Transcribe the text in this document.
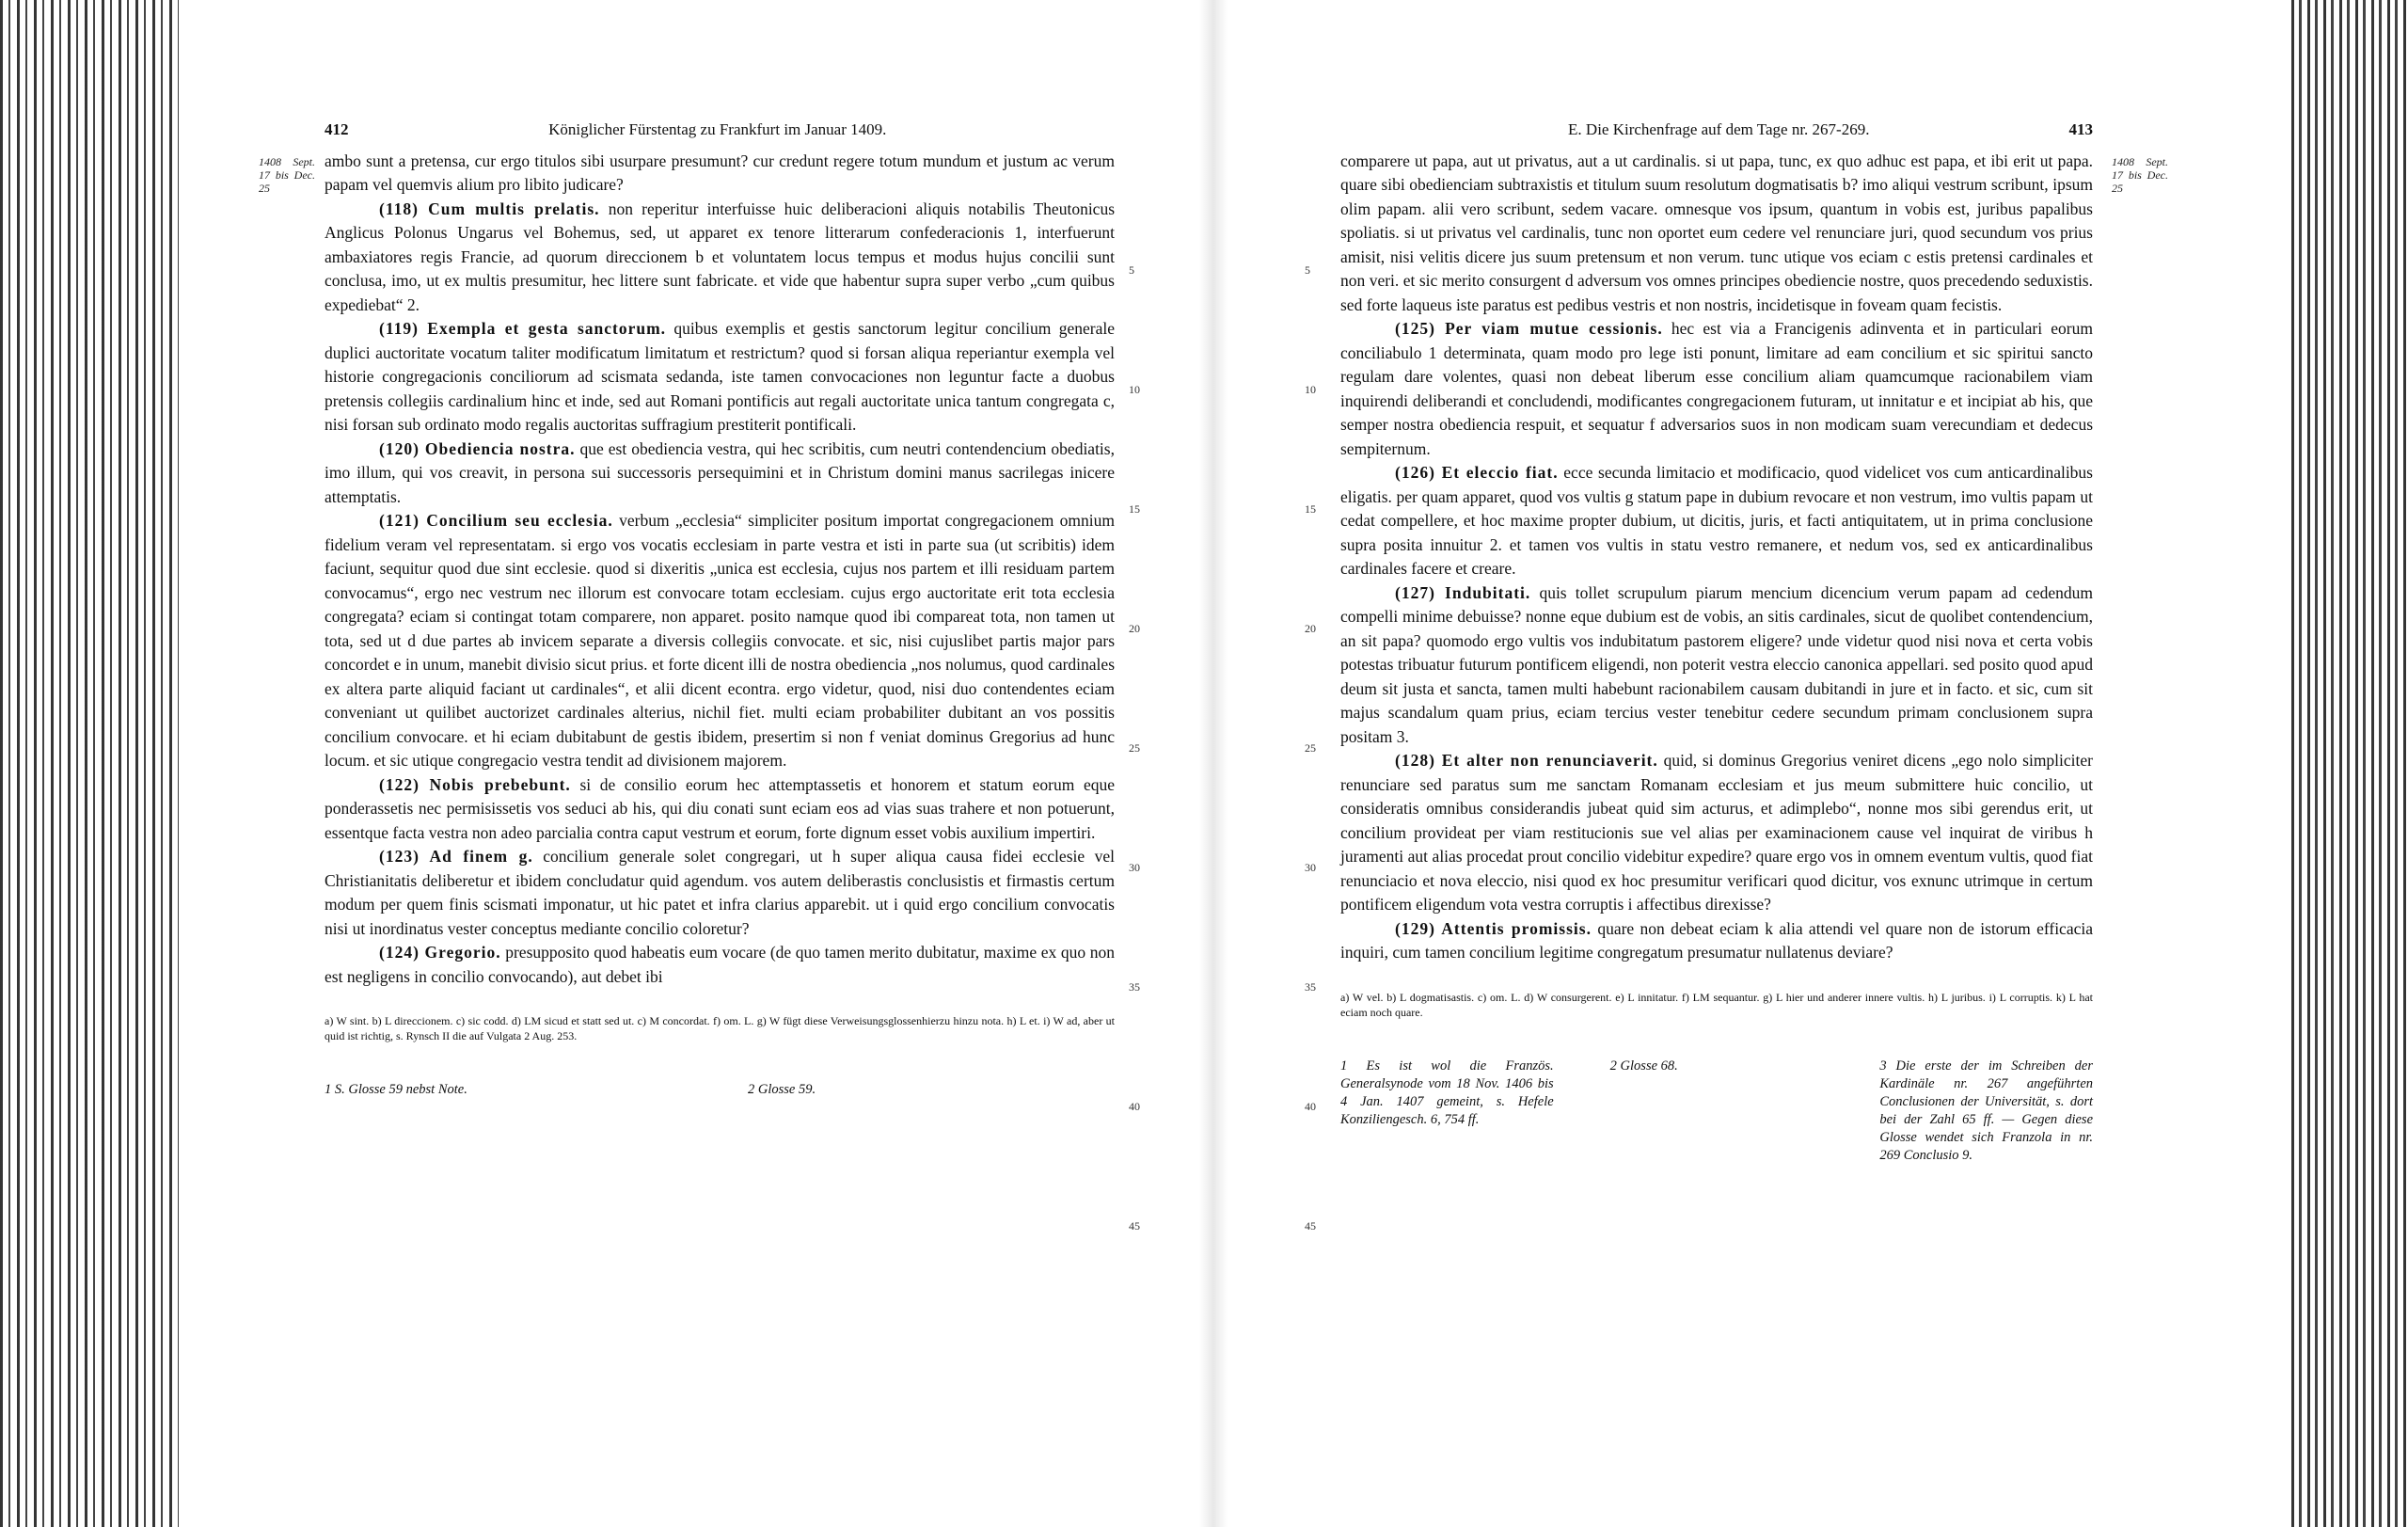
412	Königlicher Fürstentag zu Frankfurt im Januar 1409.
1408 Sept. 17 bis Dec. 25

ambo sunt a pretensa, cur ergo titulos sibi usurpare presumunt? cur credunt regere totum mundum et justum ac verum papam vel quemvis alium pro libito judicare?

(118) Cum multis prelatis. non reperitur interfuisse huic deliberacioni aliquis notabilis Theutonicus Anglicus Polonus Ungarus vel Bohemus, sed, ut apparet ex tenore litterarum confederacionis 1, interfuerunt ambaxiatores regis Francie, ad quorum direccionem b et voluntatem locus tempus et modus hujus concilii sunt conclusa, imo, ut ex multis presumitur, hec littere sunt fabricate. et vide que habentur supra super verbo „cum quibus expediebat“ 2.

(119) Exempla et gesta sanctorum. quibus exemplis et gestis sanctorum legitur concilium generale duplici auctoritate vocatum taliter modificatum limitatum et restrictum? quod si forsan aliqua reperiantur exempla vel historie congregacionis conciliorum ad scismata sedanda, iste tamen convocaciones non leguntur facte a duobus pretensis collegiis cardinalium hinc et inde, sed aut Romani pontificis aut regali auctoritate unica tantum congregata c, nisi forsan sub ordinato modo regalis auctoritas suffragium prestiterit pontificali.

(120) Obediencia nostra. que est obediencia vestra, qui hec scribitis, cum neutri contendencium obediatis, imo illum, qui vos creavit, in persona sui successoris persequimini et in Christum domini manus sacrilegas inicere attemptatis.

(121) Concilium seu ecclesia. verbum „ecclesia“ simpliciter positum importat congregacionem omnium fidelium veram vel representatam. si ergo vos vocatis ecclesiam in parte vestra et isti in parte sua (ut scribitis) idem faciunt, sequitur quod due sint ecclesie. quod si dixeritis „unica est ecclesia, cujus nos partem et illi residuam partem convocamus“, ergo nec vestrum nec illorum est convocare totam ecclesiam. cujus ergo auctoritate erit tota ecclesia congregata? eciam si contingat totam comparere, non apparet. posito namque quod ibi compareat tota, non tamen ut tota, sed ut d due partes ab invicem separate a diversis collegiis convocate. et sic, nisi cujuslibet partis major pars concordet e in unum, manebit divisio sicut prius. et forte dicent illi de nostra obediencia „nos nolumus, quod cardinales ex altera parte aliquid faciant ut cardinales“, et alii dicent econtra. ergo videtur, quod, nisi duo contendentes eciam conveniant ut quilibet auctorizet cardinales alterius, nichil fiet. multi eciam probabiliter dubitant an vos possitis concilium convocare. et hi eciam dubitabunt de gestis ibidem, presertim si non f veniat dominus Gregorius ad hunc locum. et sic utique congregacio vestra tendit ad divisionem majorem.

(122) Nobis prebebunt. si de consilio eorum hec attemptassetis et honorem et statum eorum eque ponderassetis nec permisissetis vos seduci ab his, qui diu conati sunt eciam eos ad vias suas trahere et non potuerunt, essentque facta vestra non adeo parcialia contra caput vestrum et eorum, forte dignum esset vobis auxilium impertiri.

(123) Ad finem g. concilium generale solet congregari, ut h super aliqua causa fidei ecclesie vel Christianitatis deliberetur et ibidem concludatur quid agendum. vos autem deliberastis conclusistis et firmastis certum modum per quem finis scismati imponatur, ut hic patet et infra clarius apparebit. ut i quid ergo concilium convocatis nisi ut inordinatus vester conceptus mediante concilio coloretur?

(124) Gregorio. presupposito quod habeatis eum vocare (de quo tamen merito dubitatur, maxime ex quo non est negligens in concilio convocando), aut debet ibi

a) W sint. b) L direccionem. c) sic codd. d) LM sicud et statt sed ut. c) M concordat. f) om. L. g) W fügt diese Verweisungsglossenhierzu hinzu nota. h) L et. i) W ad, aber ut quid ist richtig, s. Rynsch II die auf Vulgata 2 Aug. 253.
1 S. Glosse 59 nebst Note.	2 Glosse 59.
5
10
15
20
25
30
35
40
45
E. Die Kirchenfrage auf dem Tage nr. 267-269.	413
1408 Sept. 17 bis Dec. 25

comparere ut papa, aut ut privatus, aut a ut cardinalis. si ut papa, tunc, ex quo adhuc est papa, et ibi erit ut papa. quare sibi obedienciam subtraxistis et titulum suum resolutum dogmatisatis b? imo aliqui vestrum scribunt, ipsum olim papam. alii vero scribunt, sedem vacare. omnesque vos ipsum, quantum in vobis est, juribus papalibus spoliatis. si ut privatus vel cardinalis, tunc non oportet eum cedere vel renunciare juri, quod secundum vos prius amisit, nisi velitis dicere jus suum pretensum et non verum. tunc utique vos eciam c estis pretensi cardinales et non veri. et sic merito consurgent d adversum vos omnes principes obediencie nostre, quos precedendo seduxistis. sed forte laqueus iste paratus est pedibus vestris et non nostris, incidetisque in foveam quam fecistis.

(125) Per viam mutue cessionis. hec est via a Francigenis adinventa et in particulari eorum conciliabulo 1 determinata, quam modo pro lege isti ponunt, limitare ad eam concilium et sic spiritui sancto regulam dare volentes, quasi non debeat liberum esse concilium aliam quamcumque racionabilem viam inquirendi deliberandi et concludendi, modificantes congregacionem futuram, ut innitatur e et incipiat ab his, que semper nostra obediencia respuit, et sequatur f adversarios suos in non modicam suam verecundiam et dedecus sempiternum.

(126) Et eleccio fiat. ecce secunda limitacio et modificacio, quod videlicet vos cum anticardinalibus eligatis. per quam apparet, quod vos vultis g statum pape in dubium revocare et non vestrum, imo vultis papam ut cedat compellere, et hoc maxime propter dubium, ut dicitis, juris, et facti antiquitatem, ut in prima conclusione supra posita innuitur 2. et tamen vos vultis in statu vestro remanere, et nedum vos, sed ex anticardinalibus cardinales facere et creare.

(127) Indubitati. quis tollet scrupulum piarum mencium dicencium verum papam ad cedendum compelli minime debuisse? nonne eque dubium est de vobis, an sitis cardinales, sicut de quolibet contendencium, an sit papa? quomodo ergo vultis vos indubitatum pastorem eligere? unde videtur quod nisi nova et certa vobis potestas tribuatur futurum pontificem eligendi, non poterit vestra eleccio canonica appellari. sed posito quod apud deum sit justa et sancta, tamen multi habebunt racionabilem causam dubitandi in jure et in facto. et sic, cum sit majus scandalum quam prius, eciam tercius vester tenebitur cedere secundum primam conclusionem supra positam 3.

(128) Et alter non renunciaverit. quid, si dominus Gregorius veniret dicens „ego nolo simpliciter renunciare sed paratus sum me sanctam Romanam ecclesiam et jus meum submittere huic concilio, ut consideratis omnibus considerandis jubeat quid sim acturus, et adimplebo“, nonne mos sibi gerendus erit, ut concilium provideat per viam restitucionis sue vel alias per examinacionem cause vel inquirat de viribus h juramenti aut alias procedat prout concilio videbitur expedire? quare ergo vos in omnem eventum vultis, quod fiat renunciacio et nova eleccio, nisi quod ex hoc presumitur verificari quod dicitur, vos exnunc utrimque in certum pontificem eligendum vota vestra corruptis i affectibus direxisse?

(129) Attentis promissis. quare non debeat eciam k alia attendi vel quare non de istorum efficacia inquiri, cum tamen concilium legitime congregatum presumatur nullatenus deviare?

a) W vel. b) L dogmatisastis. c) om. L. d) W consurgerent. e) L innitatur. f) LM sequantur. g) L hier und anderer innere vultis. h) L juribus. i) L corruptis. k) L hat eciam noch quare.
1 Es ist wol die Französ. Generalsynode vom 18 Nov. 1406 bis 4 Jan. 1407 gemeint, s. Hefele Konziliengesch. 6, 754 ff.
2 Glosse 68.	3 Die erste der im Schreiben der Kardinäle nr. 267 angeführten Conclusionen der Universität, s. dort bei der Zahl 65 ff. — Gegen diese Glosse wendet sich Franzola in nr. 269 Conclusio 9.
5
10
15
20
25
30
35
40
45
